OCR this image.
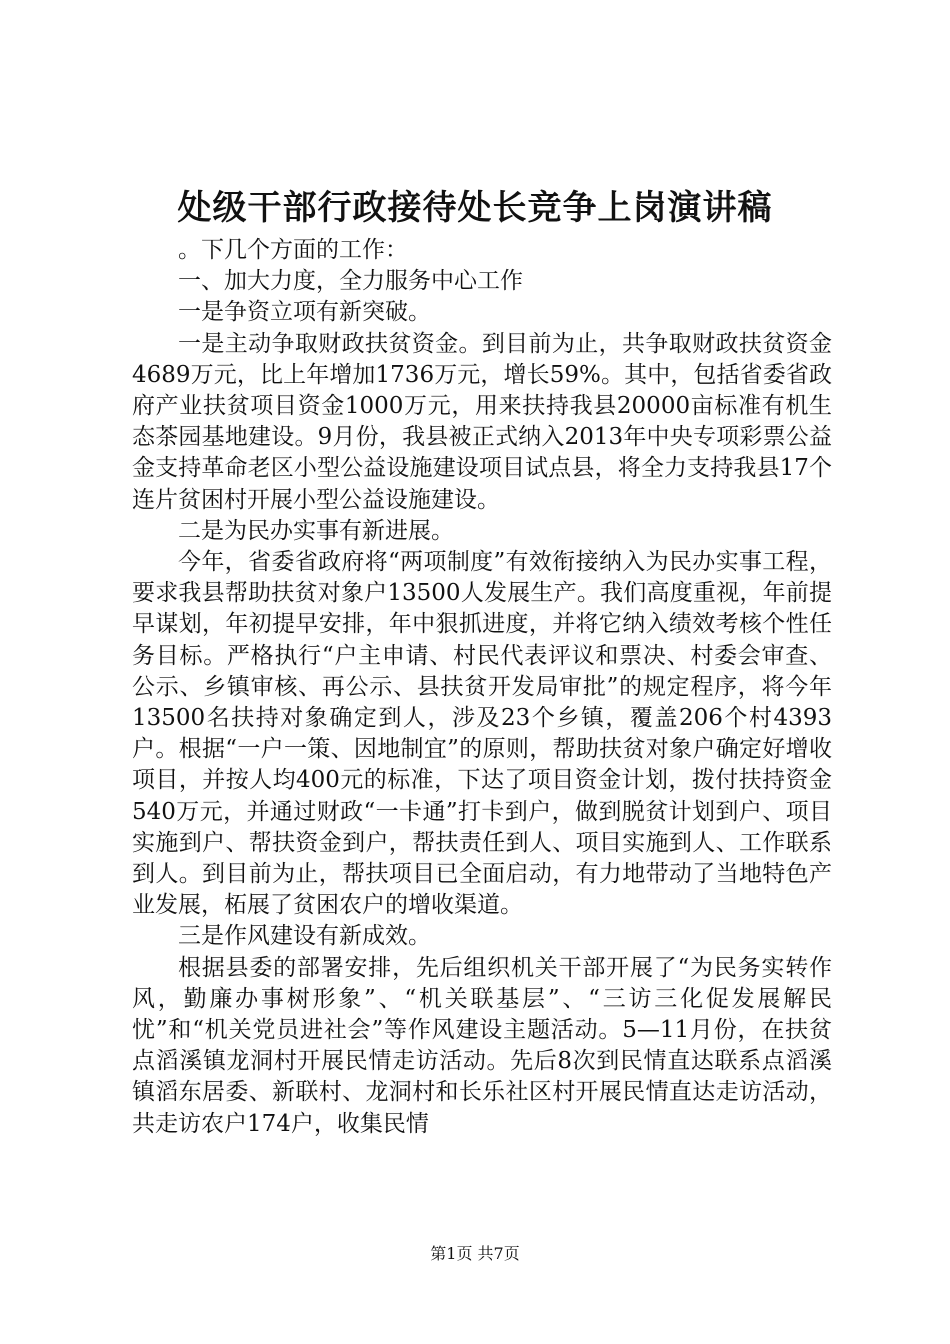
处级干部行政接待处长竞争上岗演讲稿

。下几个方面的工作：

一、加大力度，全力服务中心工作

一是争资立项有新突破。

一是主动争取财政扶贫资金。到目前为止，共争取财政扶贫资金4689万元，比上年增加1736万元，增长59%。其中，包括省委省政府产业扶贫项目资金1000万元，用来扶持我县20000亩标准有机生态茶园基地建设。9月份，我县被正式纳入2013年中央专项彩票公益金支持革命老区小型公益设施建设项目试点县，将全力支持我县17个连片贫困村开展小型公益设施建设。

二是为民办实事有新进展。

今年，省委省政府将“两项制度”有效衔接纳入为民办实事工程，要求我县帮助扶贫对象户13500人发展生产。我们高度重视，年前提早谋划，年初提早安排，年中狠抓进度，并将它纳入绩效考核个性任务目标。严格执行“户主申请、村民代表评议和票决、村委会审查、公示、乡镇审核、再公示、县扶贫开发局审批”的规定程序，将今年13500名扶持对象确定到人，涉及23个乡镇，覆盖206个村4393户。根据“一户一策、因地制宜”的原则，帮助扶贫对象户确定好增收项目，并按人均400元的标准，下达了项目资金计划，拨付扶持资金540万元，并通过财政“一卡通”打卡到户，做到脱贫计划到户、项目实施到户、帮扶资金到户，帮扶责任到人、项目实施到人、工作联系到人。到目前为止，帮扶项目已全面启动，有力地带动了当地特色产业发展，柘展了贫困农户的增收渠道。

三是作风建设有新成效。

根据县委的部署安排，先后组织机关干部开展了“为民务实转作风，勤廉办事树形象”、“机关联基层”、“三访三化促发展解民忧”和“机关党员进社会”等作风建设主题活动。5—11月份，在扶贫点滔溪镇龙洞村开展民情走访活动。先后8次到民情直达联系点滔溪镇滔东居委、新联村、龙洞村和长乐社区村开展民情直达走访活动，共走访农户174户，收集民情

第1页 共7页
